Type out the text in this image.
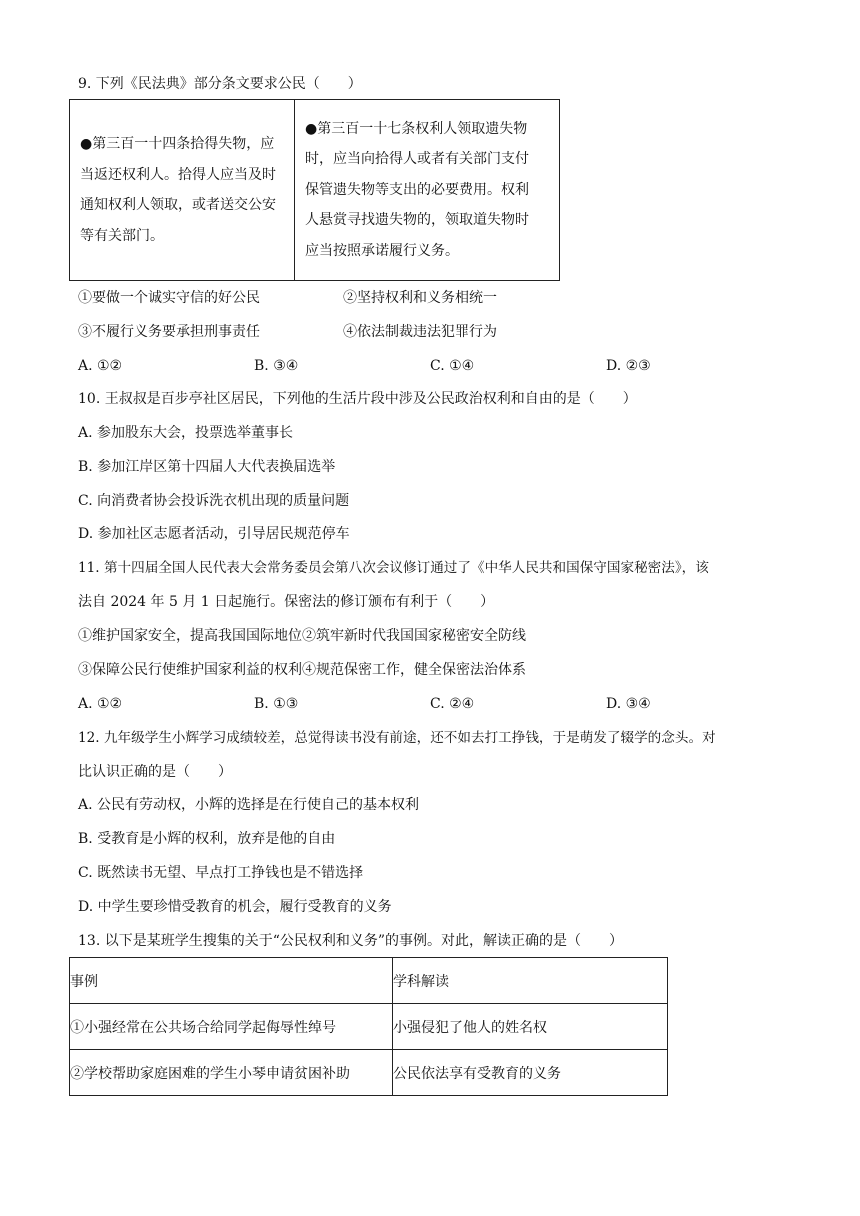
9. 下列《民法典》部分条文要求公民（　　）
●第三百一十四条拾得失物，应
当返还权利人。拾得人应当及时
通知权利人领取，或者送交公安
等有关部门。

●第三百一十七条权利人领取遗失物
时，应当向拾得人或者有关部门支付
保管遗失物等支出的必要费用。权利
人悬赏寻找遗失物的，领取道失物时
应当按照承诺履行义务。
①要做一个诚实守信的好公民	②坚持权利和义务相统一
③不履行义务要承担刑事责任	④依法制裁违法犯罪行为
A. ①②	B. ③④	C. ①④	D. ②③
10. 王叔叔是百步亭社区居民，下列他的生活片段中涉及公民政治权利和自由的是（　　）
A. 参加股东大会，投票选举董事长
B. 参加江岸区第十四届人大代表换届选举
C. 向消费者协会投诉洗衣机出现的质量问题
D. 参加社区志愿者活动，引导居民规范停车
11. 第十四届全国人民代表大会常务委员会第八次会议修订通过了《中华人民共和国保守国家秘密法》，该
法自 2024 年 5 月 1 日起施行。保密法的修订颁布有利于（　　）
①维护国家安全，提高我国国际地位②筑牢新时代我国国家秘密安全防线
③保障公民行使维护国家利益的权利④规范保密工作，健全保密法治体系
A. ①②	B. ①③	C. ②④	D. ③④
12. 九年级学生小辉学习成绩较差，总觉得读书没有前途，还不如去打工挣钱，于是萌发了辍学的念头。对
比认识正确的是（　　）
A. 公民有劳动权，小辉的选择是在行使自己的基本权利
B. 受教育是小辉的权利，放弃是他的自由
C. 既然读书无望、早点打工挣钱也是不错选择
D. 中学生要珍惜受教育的机会，履行受教育的义务
13. 以下是某班学生搜集的关于“公民权利和义务”的事例。对此，解读正确的是（　　）
事例	学科解读
①小强经常在公共场合给同学起侮辱性绰号	小强侵犯了他人的姓名权
②学校帮助家庭困难的学生小琴申请贫困补助	公民依法享有受教育的义务
